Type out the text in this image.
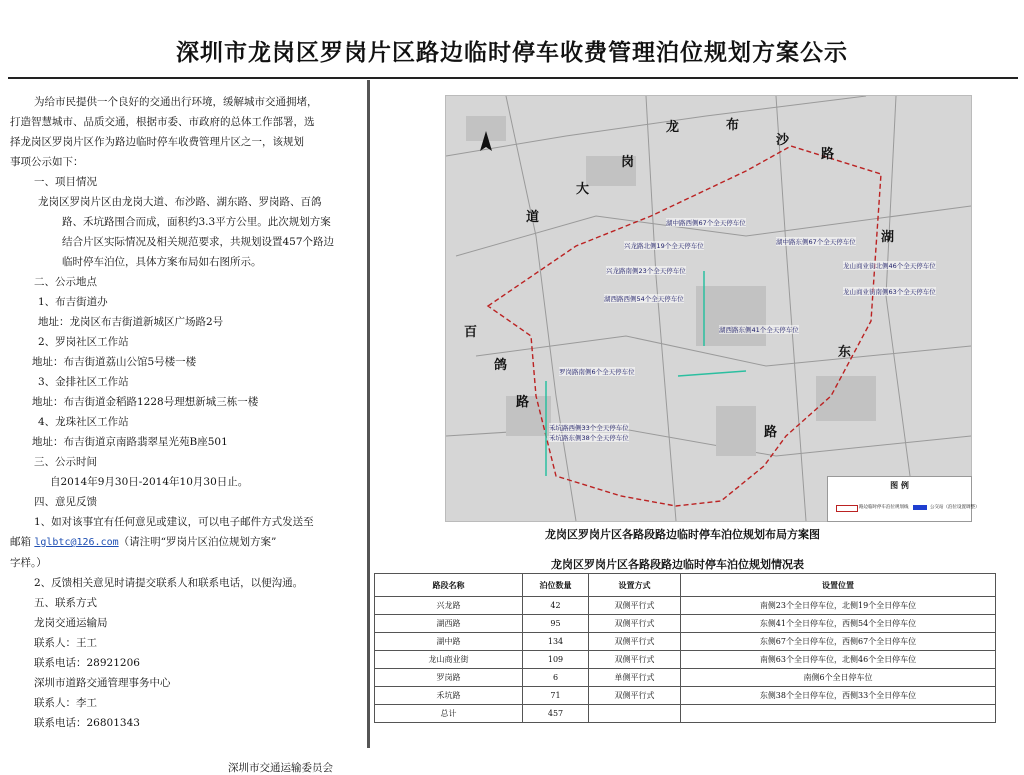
深圳市龙岗区罗岗片区路边临时停车收费管理泊位规划方案公示
为给市民提供一个良好的交通出行环境，缓解城市交通拥堵，
打造智慧城市、品质交通，根据市委、市政府的总体工作部署，选
择龙岗区罗岗片区作为路边临时停车收费管理片区之一，该规划
事项公示如下：
一、项目情况
龙岗区罗岗片区由龙岗大道、布沙路、湖东路、罗岗路、百鸽
路、禾坑路围合而成，面积约3.3平方公里。此次规划方案
结合片区实际情况及相关规范要求，共规划设置457个路边
临时停车泊位，具体方案布局如右图所示。
二、公示地点
1、布吉街道办
地址：龙岗区布吉街道新城区广场路2号
2、罗岗社区工作站
地址：布吉街道荔山公馆5号楼一楼
3、金排社区工作站
地址：布吉街道金稻路1228号理想新城三栋一楼
4、龙珠社区工作站
地址：布吉街道京南路翡翠星光苑B座501
三、公示时间
自2014年9月30日-2014年10月30日止。
四、意见反馈
1、如对该事宜有任何意见或建议，可以电子邮件方式发送至
邮箱 lglbtc@126.com（请注明“罗岗片区泊位规划方案”
字样。）
2、反馈相关意见时请提交联系人和联系电话，以便沟通。
五、联系方式
龙岗交通运输局
联系人：王工
联系电话：28921206
深圳市道路交通管理事务中心
联系人：李工
联系电话：26801343
龙
岗
大
道
布
沙
路
湖
东
路
百
鸽
路
湖中路西侧67个全天停车位
兴龙路北侧19个全天停车位	湖中路东侧67个全天停车位
龙山商业街北侧46个全天停车位
兴龙路南侧23个全天停车位
龙山商业街南侧63个全天停车位
湖西路西侧54个全天停车位
湖西路东侧41个全天停车位
罗岗路南侧6个全天停车位
禾坑路西侧33个全天停车位
禾坑路东侧38个全天停车位
图 例
路边临时停车泊位规划线	公交站（泊位设置调整）
龙岗区罗岗片区各路段路边临时停车泊位规划布局方案图
龙岗区罗岗片区各路段路边临时停车泊位规划情况表
路段名称	泊位数量	设置方式	设置位置
兴龙路	42	双侧平行式	南侧23个全日停车位，北侧19个全日停车位
湖西路	95	双侧平行式	东侧41个全日停车位，西侧54个全日停车位
湖中路	134	双侧平行式	东侧67个全日停车位，西侧67个全日停车位
龙山商业街	109	双侧平行式	南侧63个全日停车位，北侧46个全日停车位
罗岗路	6	单侧平行式	南侧6个全日停车位
禾坑路	71	双侧平行式	东侧38个全日停车位，西侧33个全日停车位
总计	457		
深圳市交通运输委员会
